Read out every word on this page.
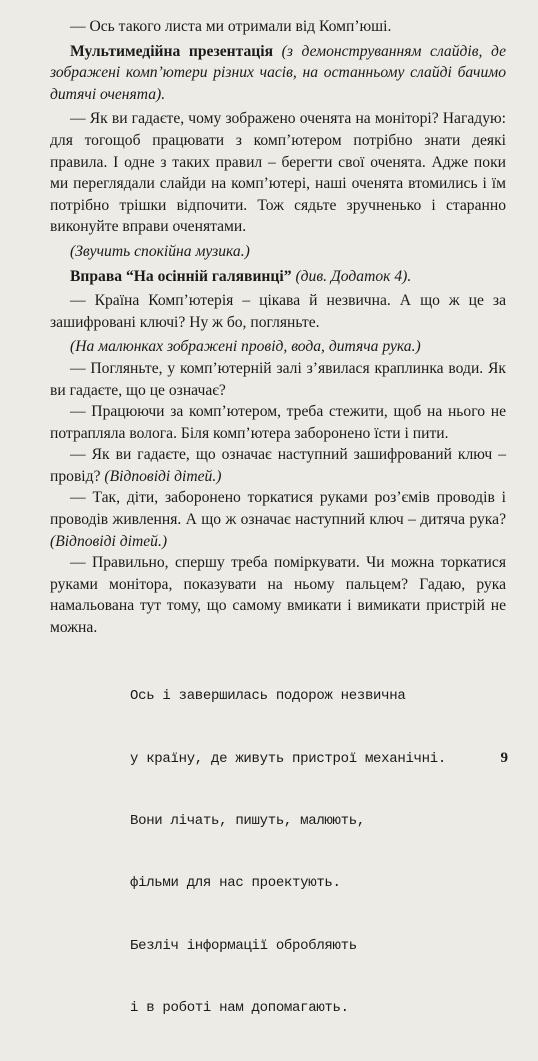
— Ось такого листа ми отримали від Комп’юші.

Мультимедійна презентація (з демонструванням слайдів, де зображені комп’ютери різних часів, на останньому слайді бачимо дитячі оченята).

— Як ви гадаєте, чому зображено оченята на моніторі? Нагадую: для тогощоб працювати з комп’ютером потрібно знати деякі правила. І одне з таких правил – берегти свої оченята. Адже поки ми переглядали слайди на комп’ютері, наші оченята втомились і їм потрібно трішки відпочити. Тож сядьте зручненько і старанно виконуйте вправи оченятами.

(Звучить спокійна музика.)

Вправа “На осінній галявинці” (див. Додаток 4).

— Країна Комп’ютерія – цікава й незвична. А що ж це за зашифровані ключі? Ну ж бо, погляньте.

(На малюнках зображені провід, вода, дитяча рука.)

— Погляньте, у комп’ютерній залі з’явилася краплинка води. Як ви гадаєте, що це означає?

— Працюючи за комп’ютером, треба стежити, щоб на нього не потрапляла волога. Біля комп’ютера заборонено їсти і пити.

— Як ви гадаєте, що означає наступний зашифрований ключ – провід? (Відповіді дітей.)

— Так, діти, заборонено торкатися руками роз’ємів проводів і проводів живлення. А що ж означає наступний ключ – дитяча рука? (Відповіді дітей.)

— Правильно, спершу треба поміркувати. Чи можна торкатися руками монітора, показувати на ньому пальцем? Гадаю, рука намальована тут тому, що самому вмикати і вимикати пристрій не можна.

Ось і завершилась подорож незвична

у країну, де живуть пристрої механічні.

Вони лічать, пишуть, малюють,

фільми для нас проектують.

Безліч інформації обробляють

і в роботі нам допомагають.

9
